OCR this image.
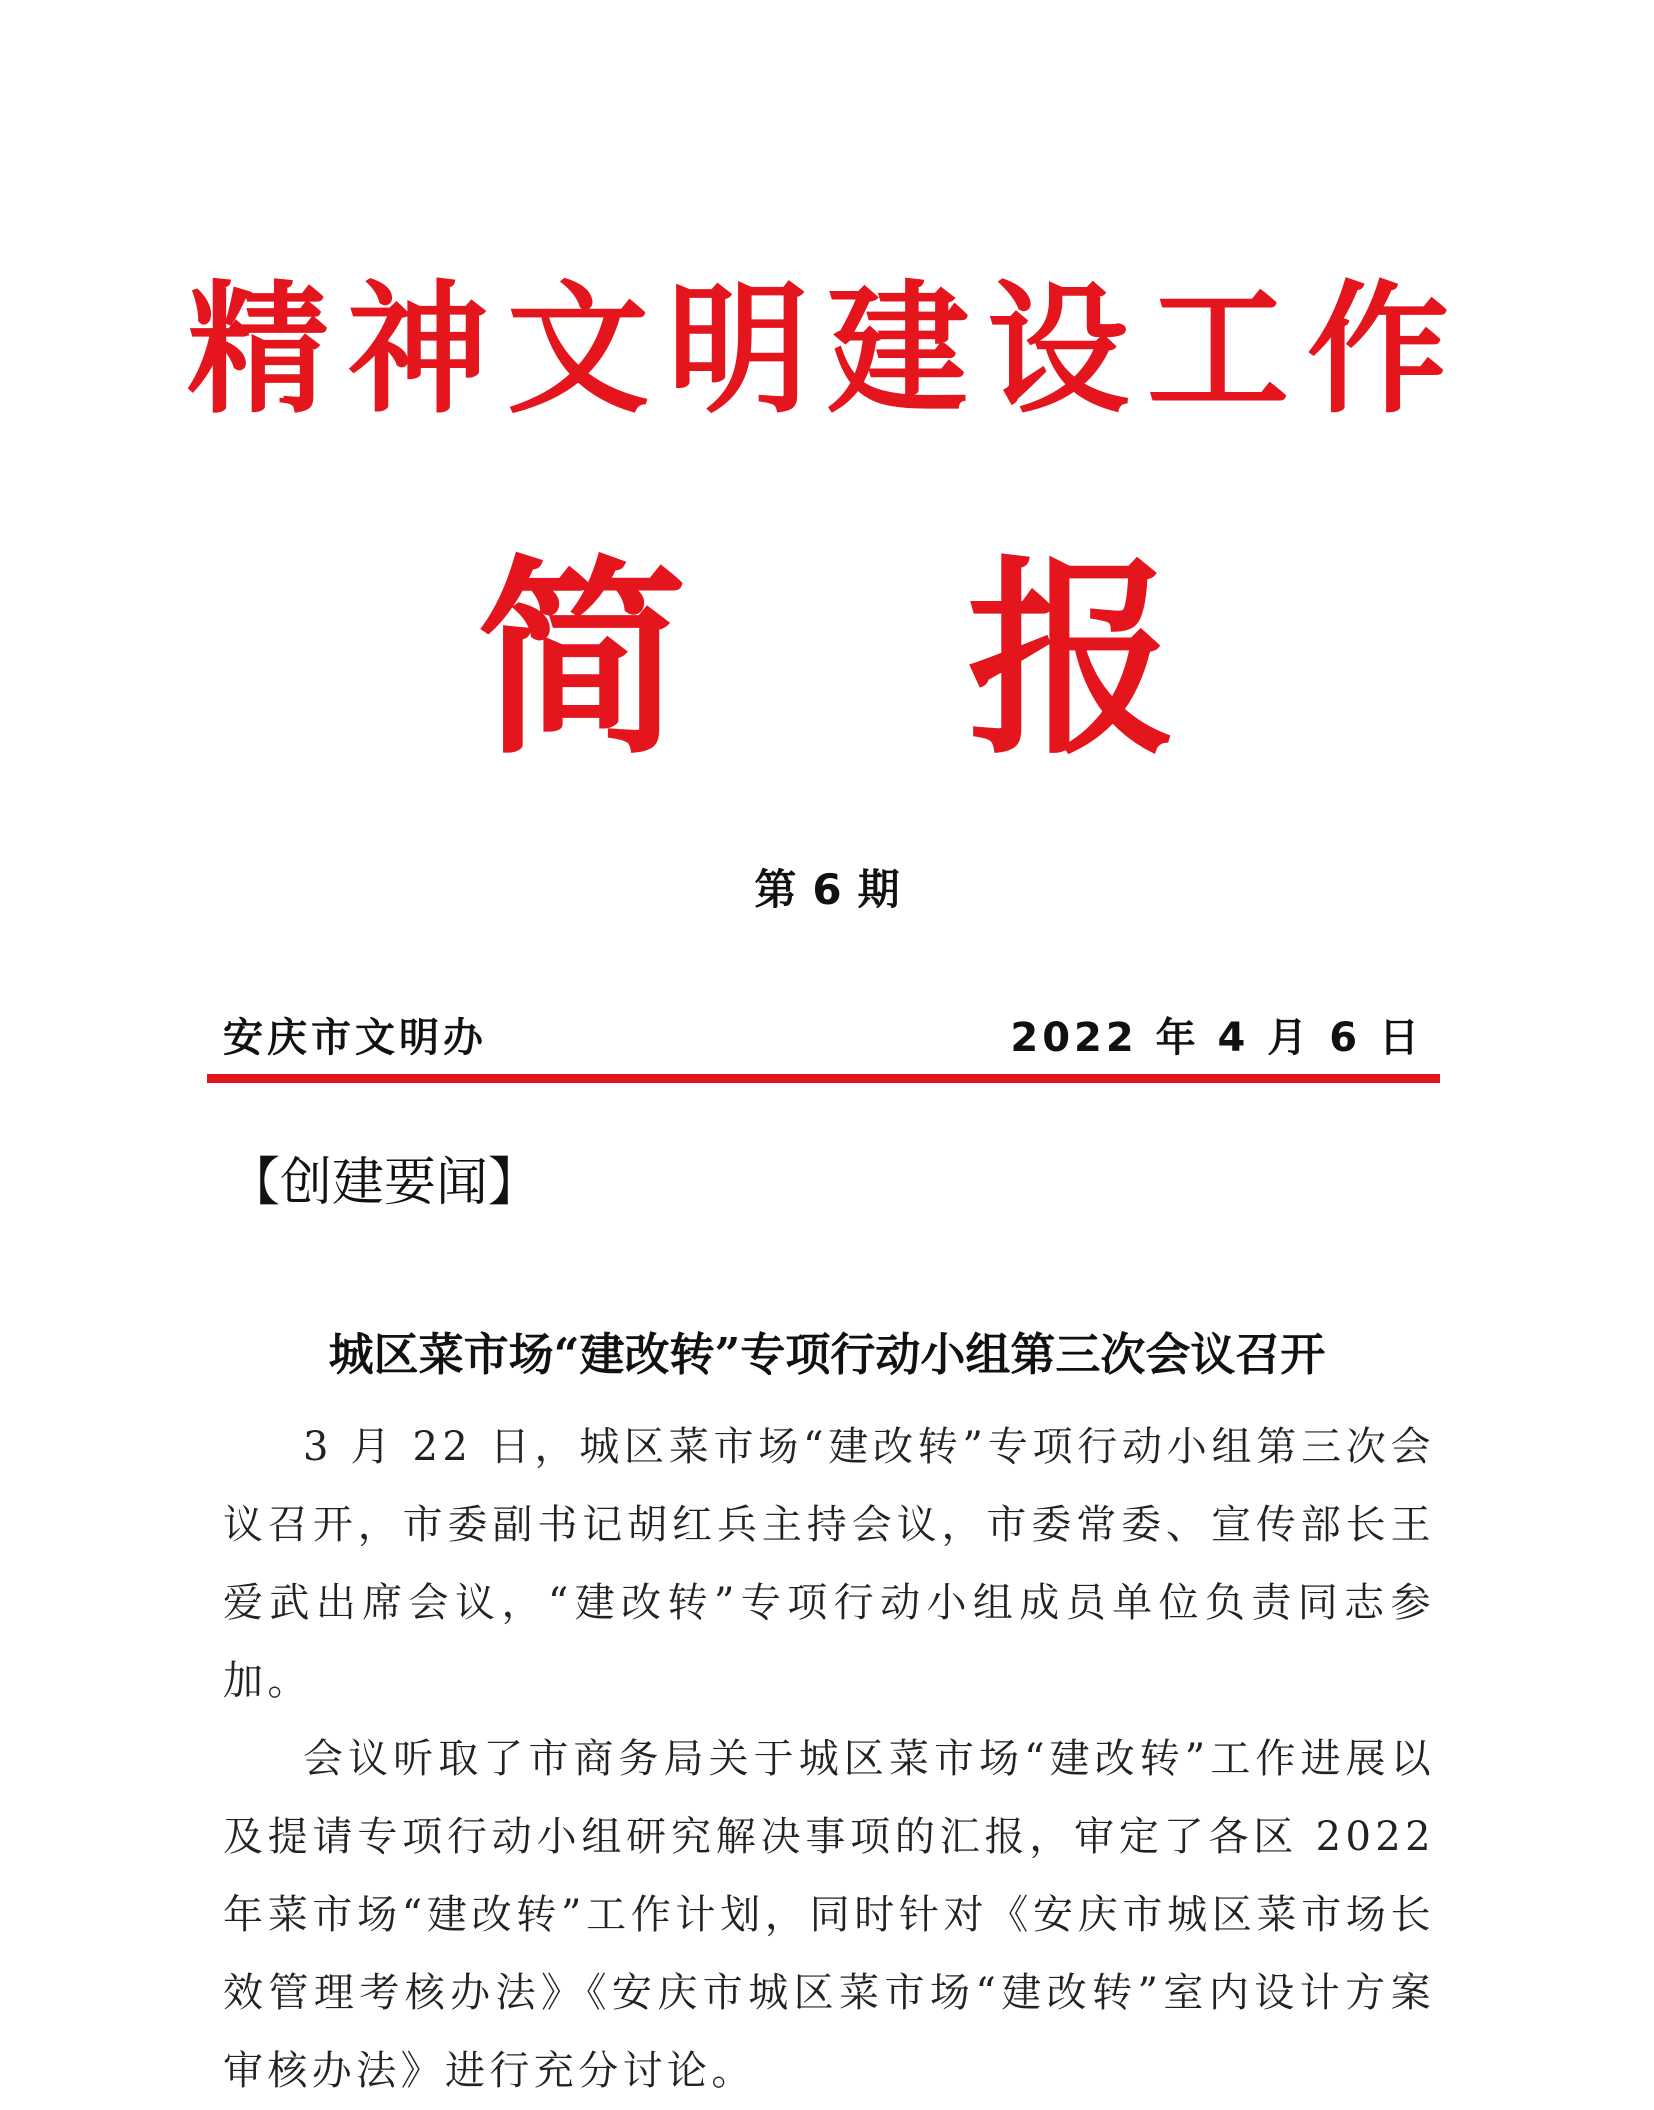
精神文明建设工作
简 报
第 6 期
安庆市文明办	2022 年 4 月 6 日
【创建要闻】
城区菜市场“建改转”专项行动小组第三次会议召开

3 月 22 日，城区菜市场“建改转”专项行动小组第三次会议召开，市委副书记胡红兵主持会议，市委常委、宣传部长王爱武出席会议，“建改转”专项行动小组成员单位负责同志参加。

会议听取了市商务局关于城区菜市场“建改转”工作进展以及提请专项行动小组研究解决事项的汇报，审定了各区 2022 年菜市场“建改转”工作计划，同时针对《安庆市城区菜市场长效管理考核办法》《安庆市城区菜市场“建改转”室内设计方案审核办法》进行充分讨论。
